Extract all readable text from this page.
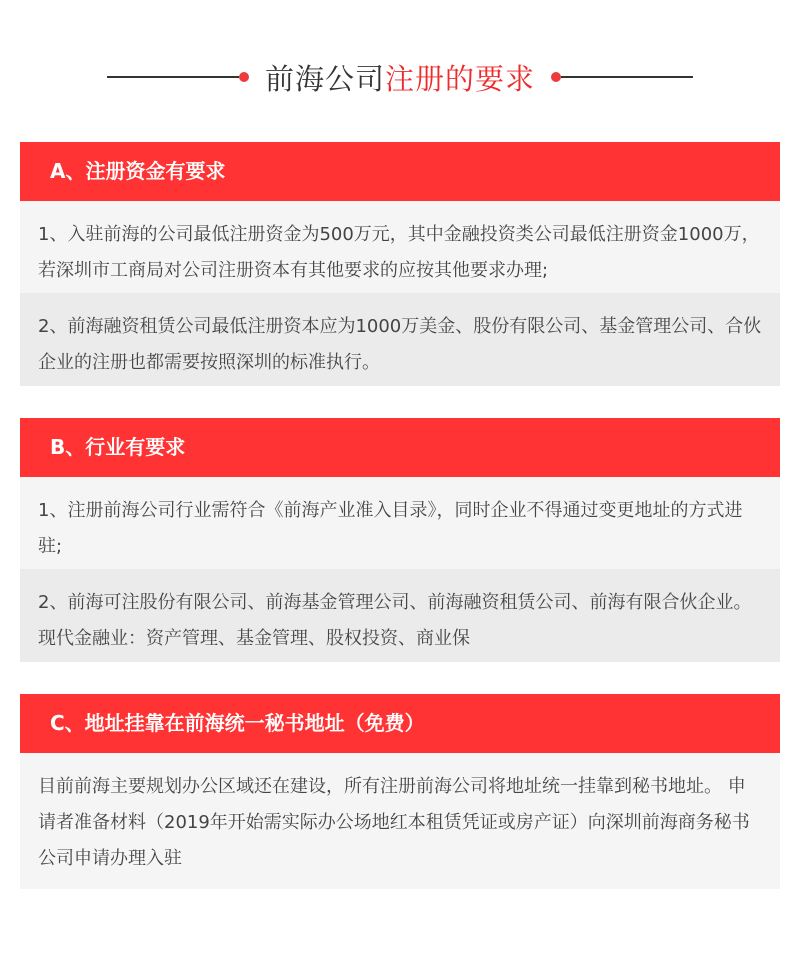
前海公司注册的要求
A、注册资金有要求
1、入驻前海的公司最低注册资金为500万元，其中金融投资类公司最低注册资金1000万，若深圳市工商局对公司注册资本有其他要求的应按其他要求办理;
2、前海融资租赁公司最低注册资本应为1000万美金、股份有限公司、基金管理公司、合伙企业的注册也都需要按照深圳的标准执行。
B、行业有要求
1、注册前海公司行业需符合《前海产业准入目录》，同时企业不得通过变更地址的方式进驻;
2、前海可注股份有限公司、前海基金管理公司、前海融资租赁公司、前海有限合伙企业。 现代金融业：资产管理、基金管理、股权投资、商业保
C、地址挂靠在前海统一秘书地址（免费）
目前前海主要规划办公区域还在建设，所有注册前海公司将地址统一挂靠到秘书地址。 申请者准备材料（2019年开始需实际办公场地红本租赁凭证或房产证）向深圳前海商务秘书公司申请办理入驻
